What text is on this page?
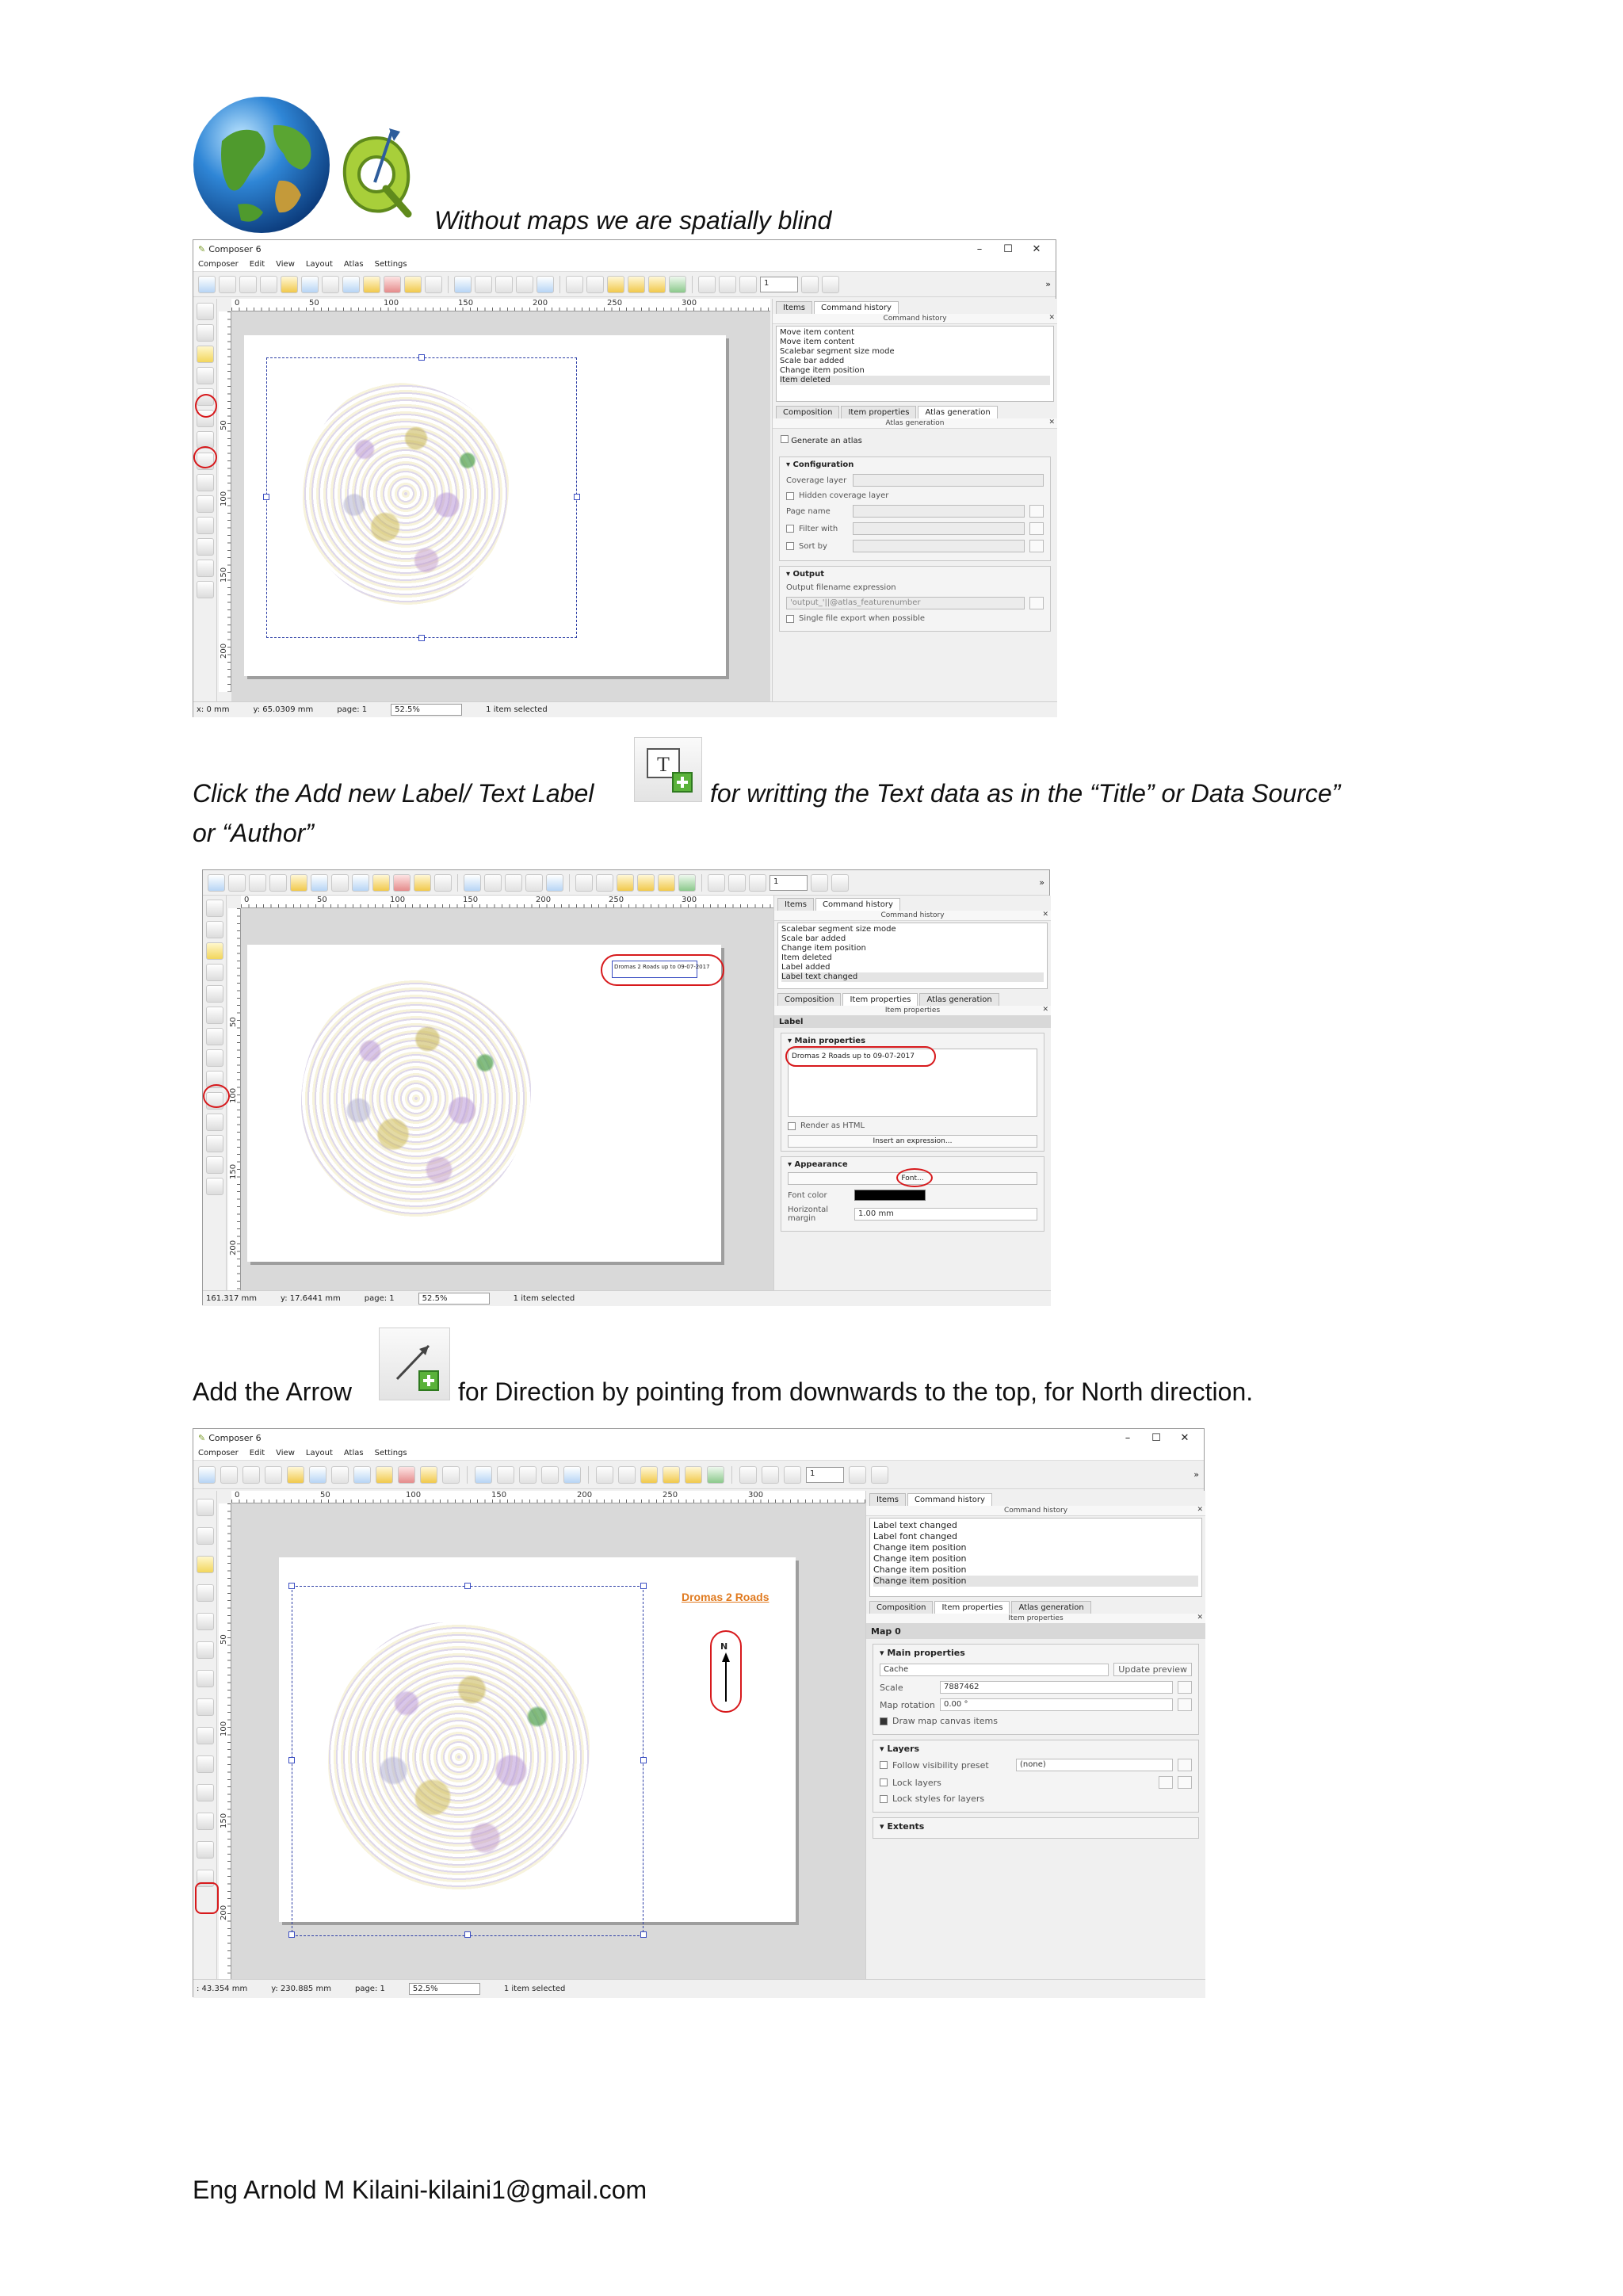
Without maps we are spatially blind
✎ Composer 6	–	☐	✕
Composer Edit View Layout Atlas Settings
1	»
0	50	100	150	200	250	300
50
100
150
200
Items	Command history
Command history	✕
Move item content
Move item content
Scalebar segment size mode
Scale bar added
Change item position
Item deleted
Composition	Item properties	Atlas generation
Atlas generation	✕
Generate an atlas
▾ Configuration
Coverage layer
Hidden coverage layer
Page name
Filter with
Sort by
▾ Output
Output filename expression
'output_'||@atlas_featurenumber
Single file export when possible
x: 0 mm	y: 65.0309 mm	page: 1	52.5%	1 item selected
Click the Add new Label/ Text Label
T
for writting the Text data as in the “Title” or Data Source”
or “Author”
1	»
0	50	100	150	200	250	300
50
100
150
200
Dromas 2 Roads up to 09-07-2017
Items	Command history
Command history	✕
Scalebar segment size mode
Scale bar added
Change item position
Item deleted
Label added
Label text changed
Composition	Item properties	Atlas generation
Item properties	✕
Label
▾ Main properties
Dromas 2 Roads up to 09-07-2017
Render as HTML
Insert an expression...
▾ Appearance
Font...
Font color
Horizontal margin
1.00 mm
161.317 mm	y: 17.6441 mm	page: 1	52.5%	1 item selected
Add the Arrow	for Direction by pointing from downwards to the top, for North direction.
✎ Composer 6	–	☐	✕
Composer Edit View Layout Atlas Settings
1	»
0	50	100	150	200	250	300
50
100
150
200
Dromas 2 Roads
N
Items	Command history
Command history	✕
Label text changed
Label font changed
Change item position
Change item position
Change item position
Change item position
Composition	Item properties	Atlas generation
Item properties	✕
Map 0
▾ Main properties
Cache	Update preview
Scale	7887462
Map rotation	0.00 °
Draw map canvas items
▾ Layers
Follow visibility preset	(none)
Lock layers
Lock styles for layers
▾ Extents
: 43.354 mm	y: 230.885 mm	page: 1	52.5%	1 item selected
Eng Arnold M Kilaini-kilaini1@gmail.com
